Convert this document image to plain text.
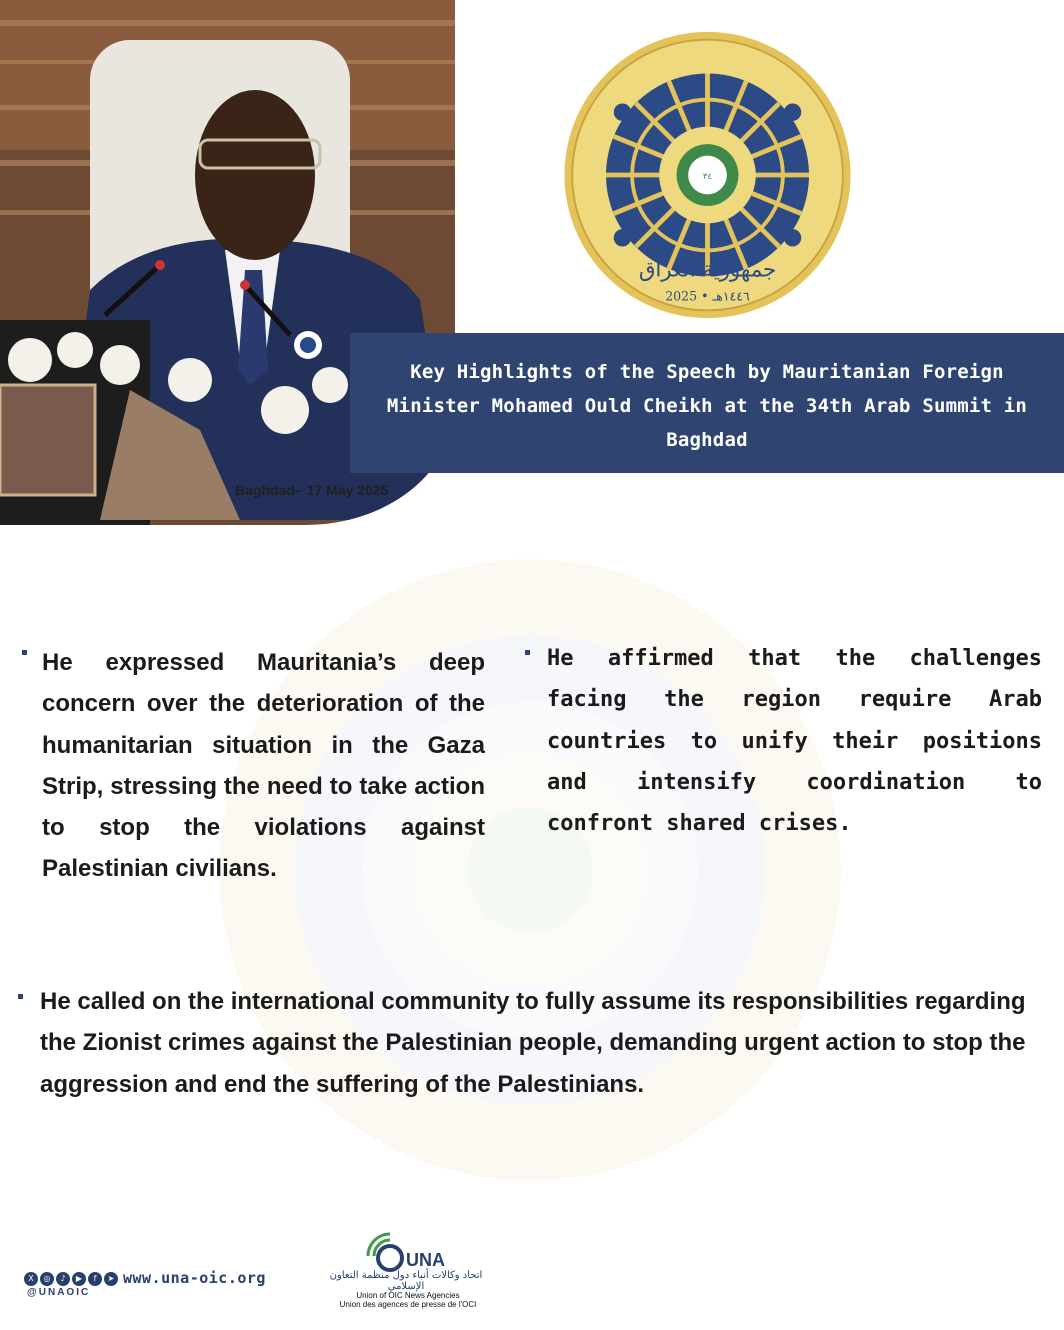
٣٤
جمهورية العراق
2025 • ١٤٤٦هـ
Key Highlights of the Speech by Mauritanian Foreign Minister Mohamed Ould Cheikh at the 34th Arab Summit in Baghdad
Baghdad– 17 May 2025
He expressed Mauritania’s deep concern over the deterioration of the humanitarian situation in the Gaza Strip, stressing the need to take action to stop the violations against Palestinian civilians.
He affirmed that the challenges facing the region require Arab countries to unify their positions and intensify coordination to confront shared crises.
He called on the international community to fully assume its responsibilities regarding the Zionist crimes against the Palestinian people, demanding urgent action to stop the aggression and end the suffering of the Palestinians.
X ◎ ♪ ▶ f ➤
@UNAOIC
www.una-oic.org
UNA
اتحاد وكالات أنباء دول منظمة التعاون الإسلامي
Union of OIC News Agencies
Union des agences de presse de l'OCI
